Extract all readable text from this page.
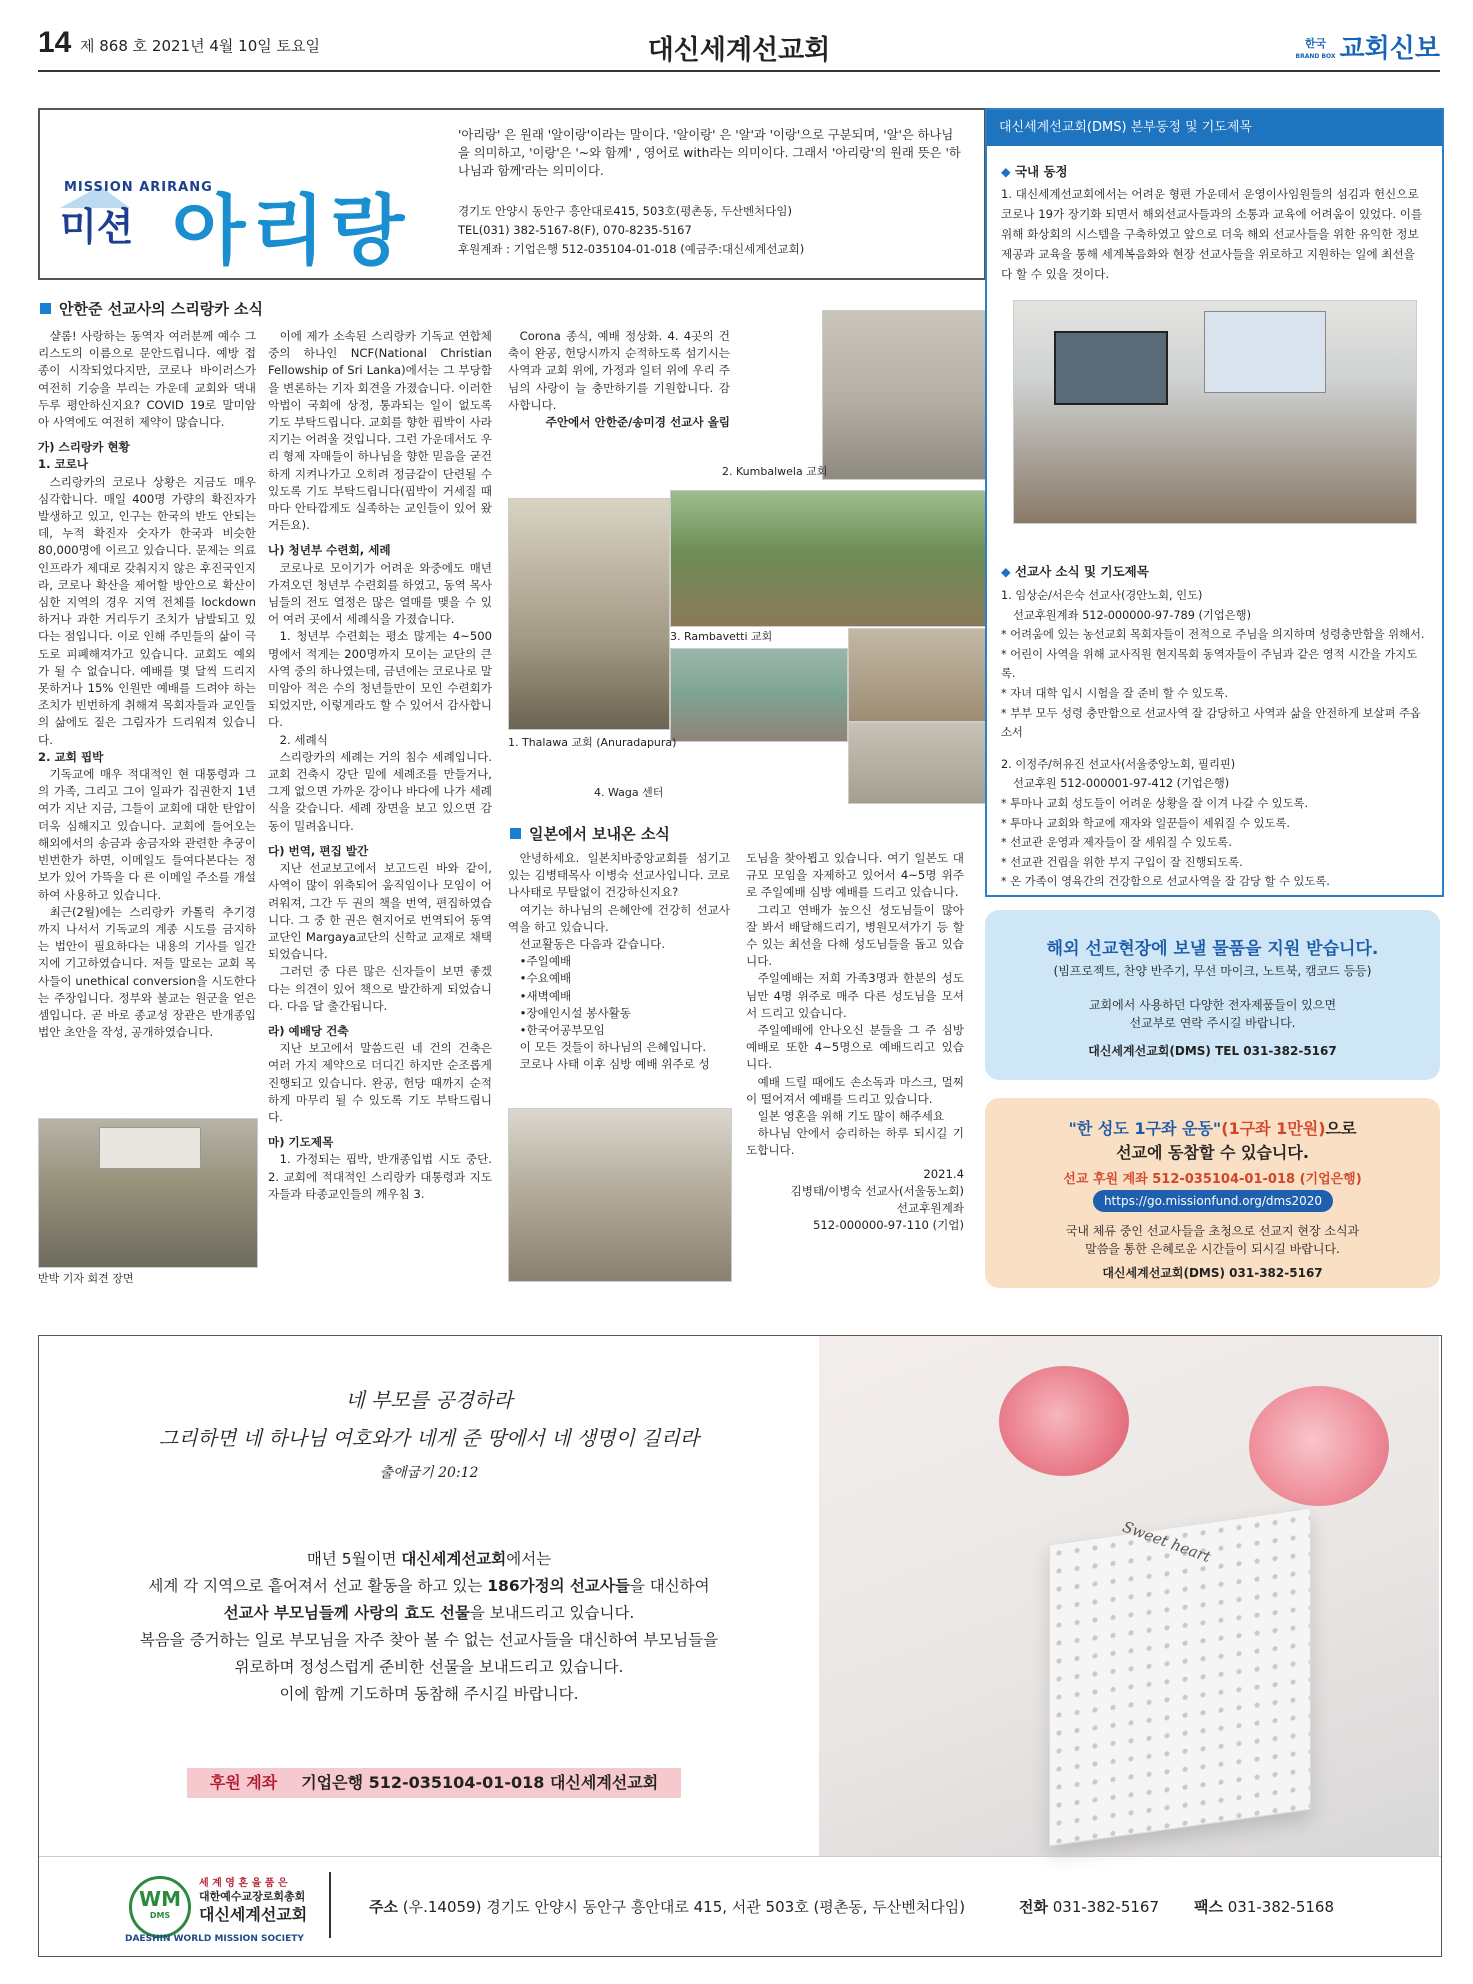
14 제 868 호 2021년 4월 10일 토요일	대신세계선교회	한국
BRAND BOX 교회신보
MISSION ARIRANG
미션 아리랑
'아리랑' 은 원래 '알이랑'이라는 말이다. '알이랑' 은 '알'과 '이랑'으로 구분되며, '알'은 하나님을 의미하고, '이랑'은 '~와 함께' , 영어로 with라는 의미이다. 그래서 '아리랑'의 원래 뜻은 '하나님과 함께'라는 의미이다.
경기도 안양시 동안구 흥안대로415, 503호(평촌동, 두산벤처다임)
TEL(031) 382-5167-8(F), 070-8235-5167
후원계좌 : 기업은행 512-035104-01-018 (예금주:대신세계선교회)
안한준 선교사의 스리랑카 소식

샬롬! 사랑하는 동역자 여러분께 예수 그리스도의 이름으로 문안드립니다. 예방 접종이 시작되었다지만, 코로나 바이러스가 여전히 기승을 부리는 가운데 교회와 댁내 두루 평안하신지요? COVID 19로 말미암아 사역에도 여전히 제약이 많습니다.

가) 스리랑카 현황

1. 코로나

스리랑카의 코로나 상황은 지금도 매우 심각합니다. 매일 400명 가량의 확진자가 발생하고 있고, 인구는 한국의 반도 안되는데, 누적 확진자 숫자가 한국과 비슷한 80,000명에 이르고 있습니다. 문제는 의료 인프라가 제대로 갖춰지지 않은 후진국인지라, 코로나 확산을 제어할 방안으로 확산이 심한 지역의 경우 지역 전체를 lockdown 하거나 과한 거리두기 조치가 남발되고 있다는 점입니다. 이로 인해 주민들의 삶이 극도로 피폐해져가고 있습니다. 교회도 예외가 될 수 없습니다. 예배를 몇 달씩 드리지 못하거나 15% 인원만 예배를 드려야 하는 조치가 빈번하게 취해져 목회자들과 교인들의 삶에도 짙은 그림자가 드리워져 있습니다.

2. 교회 핍박

기독교에 매우 적대적인 현 대통령과 그의 가족, 그리고 그이 일파가 집권한지 1년여가 지난 지금, 그들이 교회에 대한 탄압이 더욱 심해지고 있습니다. 교회에 들어오는 해외에서의 송금과 송금자와 관련한 추궁이 빈번한가 하면, 이메일도 들여다본다는 정보가 있어 가뜩을 다 른 이메일 주소를 개설하여 사용하고 있습니다.

최근(2월)에는 스리랑카 카톨릭 추기경까지 나서서 기독교의 계종 시도를 금지하는 법안이 필요하다는 내용의 기사를 일간지에 기고하였습니다. 저들 말로는 교회 목사들이 unethical conversion을 시도한다는 주장입니다. 정부와 불교는 원군을 얻은 셈입니다. 곧 바로 종교성 장관은 반개종입법안 초안을 작성, 공개하였습니다.

반박 기자 회견 장면

이에 제가 소속된 스리랑카 기독교 연합체 중의 하나인 NCF(National Christian Fellowship of Sri Lanka)에서는 그 부당함을 변론하는 기자 회견을 가졌습니다. 이러한 악법이 국회에 상정, 통과되는 일이 없도록 기도 부탁드립니다. 교회를 향한 핍박이 사라지기는 어려울 것입니다. 그런 가운데서도 우리 형제 자매들이 하나님을 향한 믿음을 굳건하게 지켜나가고 오히려 정금같이 단련될 수 있도록 기도 부탁드립니다(핍박이 거세질 때마다 안타깝게도 실족하는 교인들이 있어 왔거든요).

나) 청년부 수련회, 세례

코로나로 모이기가 어려운 와중에도 매년 가져오던 청년부 수련회를 하였고, 동역 목사님들의 전도 열정은 많은 열매를 맺을 수 있어 여러 곳에서 세례식을 가졌습니다.

1. 청년부 수련회는 평소 많게는 4~500명에서 적게는 200명까지 모이는 교단의 큰 사역 중의 하나였는데, 금년에는 코로나로 말미암아 적은 수의 청년들만이 모인 수련회가 되었지만, 이렇게라도 할 수 있어서 감사합니다.

2. 세례식

스리랑카의 세례는 거의 침수 세례입니다. 교회 건축시 강단 밑에 세례조를 만들거나, 그게 없으면 가까운 강이나 바다에 나가 세례식을 갖습니다. 세례 장면을 보고 있으면 감동이 밀려옵니다.

다) 번역, 편집 발간

지난 선교보고에서 보고드린 바와 같이, 사역이 많이 위축되어 움직임이나 모임이 어려워져, 그간 두 권의 책을 번역, 편집하였습니다. 그 중 한 권은 현지어로 번역되어 동역교단인 Margaya교단의 신학교 교재로 채택되었습니다.

그러던 중 다른 많은 신자들이 보면 좋겠다는 의견이 있어 책으로 발간하게 되었습니다. 다음 달 출간됩니다.

라) 예배당 건축

지난 보고에서 말씀드린 네 건의 건축은 여러 가지 제약으로 더디긴 하지만 순조롭게 진행되고 있습니다. 완공, 헌당 때까지 순적하게 마무리 될 수 있도록 기도 부탁드립니다.

마) 기도제목

1. 가정되는 핍박, 반개종입법 시도 중단. 2. 교회에 적대적인 스리랑카 대통령과 지도자들과 타종교인들의 깨우침 3.

Corona 종식, 예배 정상화. 4. 4곳의 건축이 완공, 헌당시까지 순적하도록 섬기시는 사역과 교회 위에, 가정과 일터 위에 우리 주님의 사랑이 늘 충만하기를 기원합니다. 감사합니다.

주안에서 안한준/송미경 선교사 올림

2. Kumbalwela 교회
3. Rambavetti 교회
1. Thalawa 교회 (Anuradapura)
4. Waga 센터
일본에서 보내온 소식

안녕하세요. 일본치바중앙교회를 섬기고 있는 김병태목사 이병숙 선교사입니다. 코로나사태로 무탈없이 건강하신지요?

여기는 하나님의 은혜안에 건강히 선교사역을 하고 있습니다.

선교활동은 다음과 같습니다.

•주일예배

•수요예배

•새벽예배

•장애인시설 봉사활동

•한국어공부모임

이 모든 것들이 하나님의 은혜입니다.

코로나 사태 이후 심방 예배 위주로 성

도님을 찾아뵙고 있습니다. 여기 일본도 대규모 모임을 자제하고 있어서 4~5명 위주로 주일예배 심방 예배를 드리고 있습니다.

그리고 연배가 높으신 성도님들이 많아 잘 봐서 배달해드리기, 병원모셔가기 등 할 수 있는 최선을 다해 성도님들을 돕고 있습니다.

주일예배는 저희 가족3명과 한분의 성도님만 4명 위주로 매주 다른 성도님을 모셔서 드리고 있습니다.

주일예배에 안나오신 분들을 그 주 심방 예배로 또한 4~5명으로 예배드리고 있습니다.

예배 드릴 때에도 손소독과 마스크, 멀찌이 떨어져서 예배를 드리고 있습니다.

일본 영혼을 위해 기도 많이 해주세요

하나님 안에서 승리하는 하루 되시길 기도합니다.

2021.4

김병태/이병숙 선교사(서울동노회)

선교후원계좌

512-000000-97-110 (기업)

대신세계선교회(DMS) 본부동정 및 기도제목
◆ 국내 동정
1. 대신세계선교회에서는 어려운 형편 가운데서 운영이사임원들의 섬김과 헌신으로 코로나 19가 장기화 되면서 해외선교사들과의 소통과 교육에 어려움이 있었다. 이를 위해 화상회의 시스템을 구축하였고 앞으로 더욱 해외 선교사들을 위한 유익한 정보제공과 교육을 통해 세계복음화와 현장 선교사들을 위로하고 지원하는 일에 최선을 다 할 수 있을 것이다.
◆ 선교사 소식 및 기도제목

1. 임상순/서은숙 선교사(경안노회, 인도)

선교후원계좌 512-000000-97-789 (기업은행)

* 어려움에 있는 농선교회 목회자들이 전적으로 주님을 의지하며 성령충만함을 위해서.

* 어린이 사역을 위해 교사직원 현지목회 동역자들이 주님과 같은 영적 시간을 가지도록.

* 자녀 대학 입시 시험을 잘 준비 할 수 있도록.

* 부부 모두 성령 충만함으로 선교사역 잘 감당하고 사역과 삶을 안전하게 보살펴 주옵소서

2. 이정주/허유진 선교사(서울중앙노회, 필리핀)

선교후원 512-000001-97-412 (기업은행)

* 투마나 교회 성도들이 어려운 상황을 잘 이겨 나갈 수 있도록.

* 투마나 교회와 학교에 재자와 일꾼들이 세워질 수 있도록.

* 선교관 운영과 제자들이 잘 세워질 수 있도록.

* 선교관 건립을 위한 부지 구입이 잘 진행되도록.

* 온 가족이 영육간의 건강함으로 선교사역을 잘 감당 할 수 있도록.

해외 선교현장에 보낼 물품을 지원 받습니다.
(빔프로젝트, 찬양 반주기, 무선 마이크, 노트북, 캠코드 등등)
교회에서 사용하던 다양한 전자제품들이 있으면
선교부로 연락 주시길 바랍니다.
대신세계선교회(DMS) TEL 031-382-5167
"한 성도 1구좌 운동"(1구좌 1만원)으로
선교에 동참할 수 있습니다.
선교 후원 계좌 512-035104-01-018 (기업은행)
https://go.missionfund.org/dms2020
국내 체류 중인 선교사들을 초청으로 선교지 현장 소식과
말씀을 통한 은혜로운 시간들이 되시길 바랍니다.
대신세계선교회(DMS) 031-382-5167
Sweet heart
네 부모를 공경하라
그리하면 네 하나님 여호와가 네게 준 땅에서 네 생명이 길리라
출애굽기 20:12

매년 5월이면 대신세계선교회에서는

세계 각 지역으로 흩어져서 선교 활동을 하고 있는 186가정의 선교사들을 대신하여

선교사 부모님들께 사랑의 효도 선물을 보내드리고 있습니다.

복음을 증거하는 일로 부모님을 자주 찾아 볼 수 없는 선교사들을 대신하여 부모님들을

위로하며 정성스럽게 준비한 선물을 보내드리고 있습니다.

이에 함께 기도하며 동참해 주시길 바랍니다.

후원 계좌 기업은행 512-035104-01-018 대신세계선교회
WM
DMS
세 계 영 혼 을 품 은
대한예수교장로회총회
대신세계선교회
DAESHIN WORLD MISSION SOCIETY
주소 (우.14059) 경기도 안양시 동안구 흥안대로 415, 서관 503호 (평촌동, 두산벤처다임)	전화 031-382-5167 팩스 031-382-5168
